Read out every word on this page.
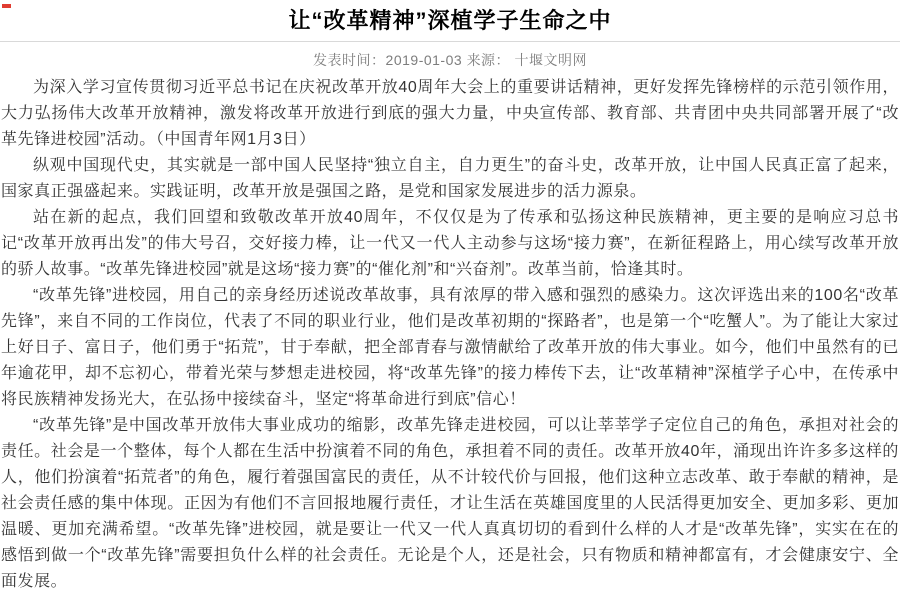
让“改革精神”深植学子生命之中
发表时间：2019-01-03 来源： 十堰文明网

为深入学习宣传贯彻习近平总书记在庆祝改革开放40周年大会上的重要讲话精神，更好发挥先锋榜样的示范引领作用，大力弘扬伟大改革开放精神，激发将改革开放进行到底的强大力量，中央宣传部、教育部、共青团中央共同部署开展了“改革先锋进校园”活动。（中国青年网1月3日）

纵观中国现代史，其实就是一部中国人民坚持“独立自主，自力更生”的奋斗史，改革开放，让中国人民真正富了起来，国家真正强盛起来。实践证明，改革开放是强国之路，是党和国家发展进步的活力源泉。

站在新的起点，我们回望和致敬改革开放40周年，不仅仅是为了传承和弘扬这种民族精神，更主要的是响应习总书记“改革开放再出发”的伟大号召，交好接力棒，让一代又一代人主动参与这场“接力赛”，在新征程路上，用心续写改革开放的骄人故事。“改革先锋进校园”就是这场“接力赛”的“催化剂”和“兴奋剂”。改革当前，恰逢其时。

“改革先锋”进校园，用自己的亲身经历述说改革故事，具有浓厚的带入感和强烈的感染力。这次评选出来的100名“改革先锋”，来自不同的工作岗位，代表了不同的职业行业，他们是改革初期的“探路者”，也是第一个“吃蟹人”。为了能让大家过上好日子、富日子，他们勇于“拓荒”，甘于奉献，把全部青春与激情献给了改革开放的伟大事业。如今，他们中虽然有的已年逾花甲，却不忘初心，带着光荣与梦想走进校园，将“改革先锋”的接力棒传下去，让“改革精神”深植学子心中，在传承中将民族精神发扬光大，在弘扬中接续奋斗，坚定“将革命进行到底”信心！

“改革先锋”是中国改革开放伟大事业成功的缩影，改革先锋走进校园，可以让莘莘学子定位自己的角色，承担对社会的责任。社会是一个整体，每个人都在生活中扮演着不同的角色，承担着不同的责任。改革开放40年，涌现出许许多多这样的人，他们扮演着“拓荒者”的角色，履行着强国富民的责任，从不计较代价与回报，他们这种立志改革、敢于奉献的精神，是社会责任感的集中体现。正因为有他们不言回报地履行责任，才让生活在英雄国度里的人民活得更加安全、更加多彩、更加温暖、更加充满希望。“改革先锋”进校园，就是要让一代又一代人真真切切的看到什么样的人才是“改革先锋”，实实在在的感悟到做一个“改革先锋”需要担负什么样的社会责任。无论是个人，还是社会，只有物质和精神都富有，才会健康安宁、全面发展。
